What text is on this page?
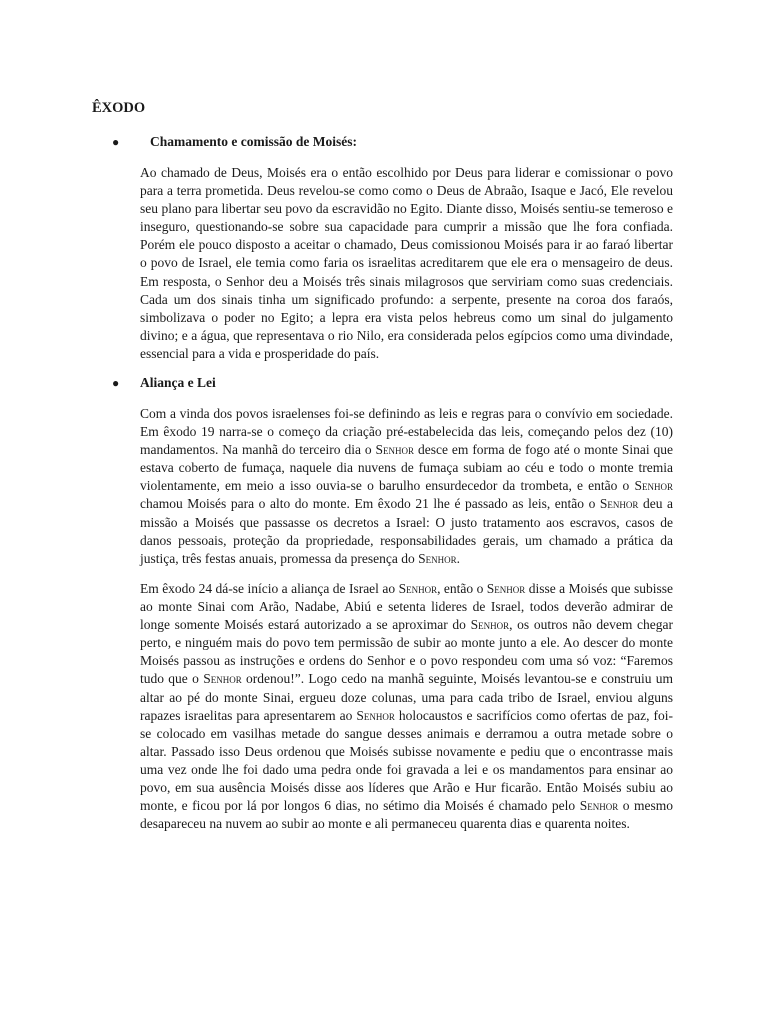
ÊXODO
●	Chamamento e comissão de Moisés:

Ao chamado de Deus, Moisés era o então escolhido por Deus para liderar e comissionar o povo para a terra prometida. Deus revelou-se como como o Deus de Abraão, Isaque e Jacó, Ele revelou seu plano para libertar seu povo da escravidão no Egito. Diante disso, Moisés sentiu-se temeroso e inseguro, questionando-se sobre sua capacidade para cumprir a missão que lhe fora confiada. Porém ele pouco disposto a aceitar o chamado, Deus comissionou Moisés para ir ao faraó libertar o povo de Israel, ele temia como faria os israelitas acreditarem que ele era o mensageiro de deus. Em resposta, o Senhor deu a Moisés três sinais milagrosos que serviriam como suas credenciais. Cada um dos sinais tinha um significado profundo: a serpente, presente na coroa dos faraós, simbolizava o poder no Egito; a lepra era vista pelos hebreus como um sinal do julgamento divino; e a água, que representava o rio Nilo, era considerada pelos egípcios como uma divindade, essencial para a vida e prosperidade do país.

●	Aliança e Lei

Com a vinda dos povos israelenses foi-se definindo as leis e regras para o convívio em sociedade. Em êxodo 19 narra-se o começo da criação pré-estabelecida das leis, começando pelos dez (10) mandamentos. Na manhã do terceiro dia o Senhor desce em forma de fogo até o monte Sinai que estava coberto de fumaça, naquele dia nuvens de fumaça subiam ao céu e todo o monte tremia violentamente, em meio a isso ouvia-se o barulho ensurdecedor da trombeta, e então o Senhor chamou Moisés para o alto do monte. Em êxodo 21 lhe é passado as leis, então o Senhor deu a missão a Moisés que passasse os decretos a Israel: O justo tratamento aos escravos, casos de danos pessoais, proteção da propriedade, responsabilidades gerais, um chamado a prática da justiça, três festas anuais, promessa da presença do Senhor.

Em êxodo 24 dá-se início a aliança de Israel ao Senhor, então o Senhor disse a Moisés que subisse ao monte Sinai com Arão, Nadabe, Abiú e setenta lideres de Israel, todos deverão admirar de longe somente Moisés estará autorizado a se aproximar do Senhor, os outros não devem chegar perto, e ninguém mais do povo tem permissão de subir ao monte junto a ele. Ao descer do monte Moisés passou as instruções e ordens do Senhor e o povo respondeu com uma só voz: “Faremos tudo que o Senhor ordenou!”. Logo cedo na manhã seguinte, Moisés levantou-se e construiu um altar ao pé do monte Sinai, ergueu doze colunas, uma para cada tribo de Israel, enviou alguns rapazes israelitas para apresentarem ao Senhor holocaustos e sacrifícios como ofertas de paz, foi-se colocado em vasilhas metade do sangue desses animais e derramou a outra metade sobre o altar. Passado isso Deus ordenou que Moisés subisse novamente e pediu que o encontrasse mais uma vez onde lhe foi dado uma pedra onde foi gravada a lei e os mandamentos para ensinar ao povo, em sua ausência Moisés disse aos líderes que Arão e Hur ficarão. Então Moisés subiu ao monte, e ficou por lá por longos 6 dias, no sétimo dia Moisés é chamado pelo Senhor o mesmo desapareceu na nuvem ao subir ao monte e ali permaneceu quarenta dias e quarenta noites.
